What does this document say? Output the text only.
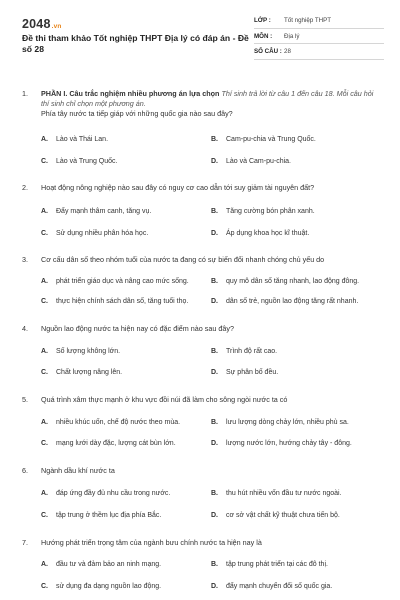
2048.vn
Đề thi tham khảo Tốt nghiệp THPT Địa lý có đáp án - Đề số 28
LỚP : Tốt nghiệp THPT
MÔN : Địa lý
SỐ CÂU : 28
1. PHẦN I. Câu trắc nghiệm nhiều phương án lựa chọn Thí sinh trả lời từ câu 1 đến câu 18. Mỗi câu hỏi thí sinh chỉ chọn một phương án.
Phía tây nước ta tiếp giáp với những quốc gia nào sau đây?
A. Lào và Thái Lan.	B. Cam-pu-chia và Trung Quốc.
C. Lào và Trung Quốc.	D. Lào và Cam-pu-chia.
2. Hoạt động nông nghiệp nào sau đây có nguy cơ cao dẫn tới suy giảm tài nguyên đất?
A. Đẩy mạnh thâm canh, tăng vụ.	B. Tăng cường bón phân xanh.
C. Sử dụng nhiều phân hóa học.	D. Áp dụng khoa học kĩ thuật.
3. Cơ cấu dân số theo nhóm tuổi của nước ta đang có sự biến đổi nhanh chóng chủ yếu do
A. phát triển giáo dục và nâng cao mức sống.	B. quy mô dân số tăng nhanh, lao động đông.
C. thực hiện chính sách dân số, tăng tuổi thọ.	D. dân số trẻ, nguồn lao động tăng rất nhanh.
4. Nguồn lao động nước ta hiện nay có đặc điểm nào sau đây?
A. Số lượng không lớn.	B. Trình độ rất cao.
C. Chất lượng nâng lên.	D. Sự phân bố đều.
5. Quá trình xâm thực mạnh ở khu vực đồi núi đã làm cho sông ngòi nước ta có
A. nhiều khúc uốn, chế độ nước theo mùa.	B. lưu lượng dòng chảy lớn, nhiều phù sa.
C. mạng lưới dày đặc, lượng cát bùn lớn.	D. lượng nước lớn, hướng chảy tây - đông.
6. Ngành dầu khí nước ta
A. đáp ứng đầy đủ nhu cầu trong nước.	B. thu hút nhiều vốn đầu tư nước ngoài.
C. tập trung ở thềm lục địa phía Bắc.	D. cơ sở vật chất kỹ thuật chưa tiến bộ.
7. Hướng phát triển trọng tâm của ngành bưu chính nước ta hiện nay là
A. đầu tư và đảm bảo an ninh mạng.	B. tập trung phát triển tại các đô thị.
C. sử dụng đa dạng nguồn lao động.	D. đẩy mạnh chuyển đổi số quốc gia.
